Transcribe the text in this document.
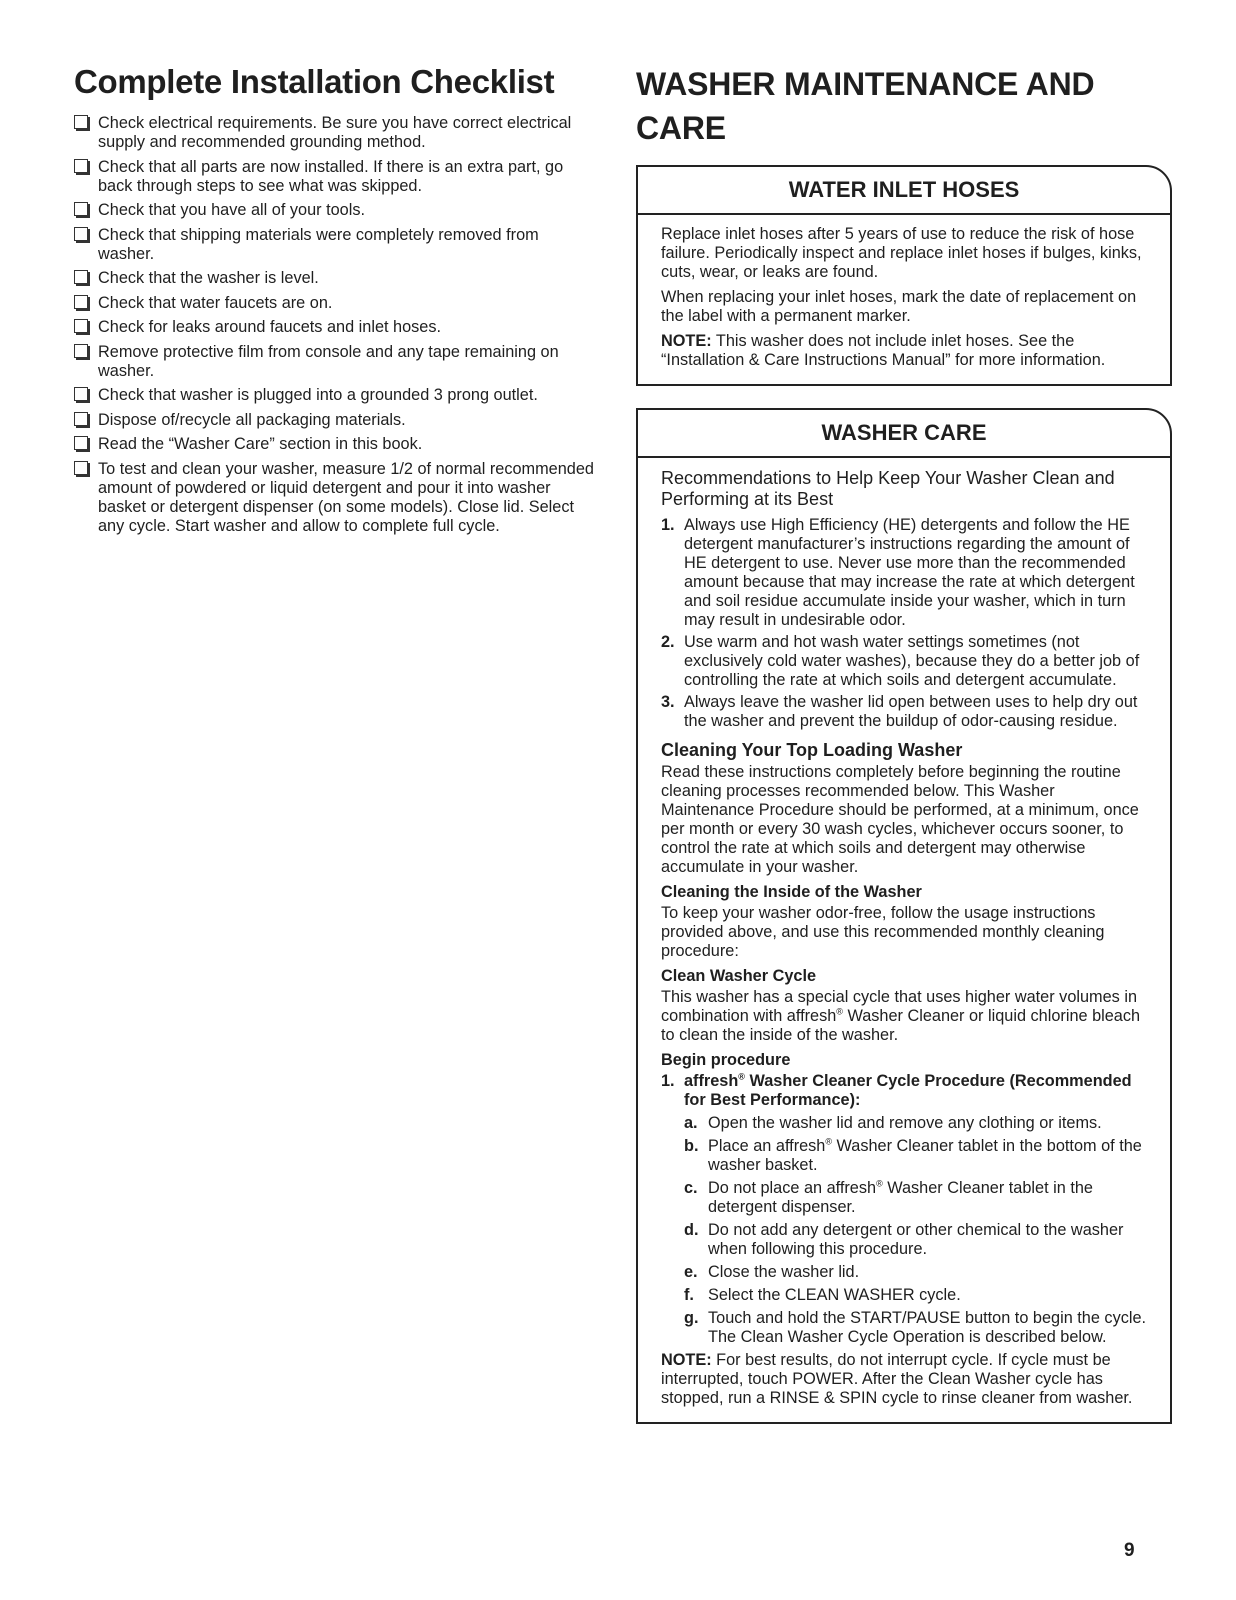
Complete Installation Checklist
Check electrical requirements. Be sure you have correct electrical supply and recommended grounding method.
Check that all parts are now installed. If there is an extra part, go back through steps to see what was skipped.
Check that you have all of your tools.
Check that shipping materials were completely removed from washer.
Check that the washer is level.
Check that water faucets are on.
Check for leaks around faucets and inlet hoses.
Remove protective film from console and any tape remaining on washer.
Check that washer is plugged into a grounded 3 prong outlet.
Dispose of/recycle all packaging materials.
Read the “Washer Care” section in this book.
To test and clean your washer, measure 1/2 of normal recommended amount of powdered or liquid detergent and pour it into washer basket or detergent dispenser (on some models). Close lid. Select any cycle. Start washer and allow to complete full cycle.
WASHER MAINTENANCE AND CARE
WATER INLET HOSES

Replace inlet hoses after 5 years of use to reduce the risk of hose failure. Periodically inspect and replace inlet hoses if bulges, kinks, cuts, wear, or leaks are found.

When replacing your inlet hoses, mark the date of replacement on the label with a permanent marker.

NOTE: This washer does not include inlet hoses. See the “Installation & Care Instructions Manual” for more information.

WASHER CARE

Recommendations to Help Keep Your Washer Clean and Performing at its Best

1. Always use High Efficiency (HE) detergents and follow the HE detergent manufacturer’s instructions regarding the amount of HE detergent to use. Never use more than the recommended amount because that may increase the rate at which detergent and soil residue accumulate inside your washer, which in turn may result in undesirable odor.
2. Use warm and hot wash water settings sometimes (not exclusively cold water washes), because they do a better job of controlling the rate at which soils and detergent accumulate.
3. Always leave the washer lid open between uses to help dry out the washer and prevent the buildup of odor-causing residue.
Cleaning Your Top Loading Washer

Read these instructions completely before beginning the routine cleaning processes recommended below. This Washer Maintenance Procedure should be performed, at a minimum, once per month or every 30 wash cycles, whichever occurs sooner, to control the rate at which soils and detergent may otherwise accumulate in your washer.

Cleaning the Inside of the Washer

To keep your washer odor-free, follow the usage instructions provided above, and use this recommended monthly cleaning procedure:

Clean Washer Cycle

This washer has a special cycle that uses higher water volumes in combination with affresh® Washer Cleaner or liquid chlorine bleach to clean the inside of the washer.

Begin procedure
1. affresh® Washer Cleaner Cycle Procedure (Recommended for Best Performance):
a. Open the washer lid and remove any clothing or items.
b. Place an affresh® Washer Cleaner tablet in the bottom of the washer basket.
c. Do not place an affresh® Washer Cleaner tablet in the detergent dispenser.
d. Do not add any detergent or other chemical to the washer when following this procedure.
e. Close the washer lid.
f. Select the CLEAN WASHER cycle.
g. Touch and hold the START/PAUSE button to begin the cycle. The Clean Washer Cycle Operation is described below.

NOTE: For best results, do not interrupt cycle. If cycle must be interrupted, touch POWER. After the Clean Washer cycle has stopped, run a RINSE & SPIN cycle to rinse cleaner from washer.

9
